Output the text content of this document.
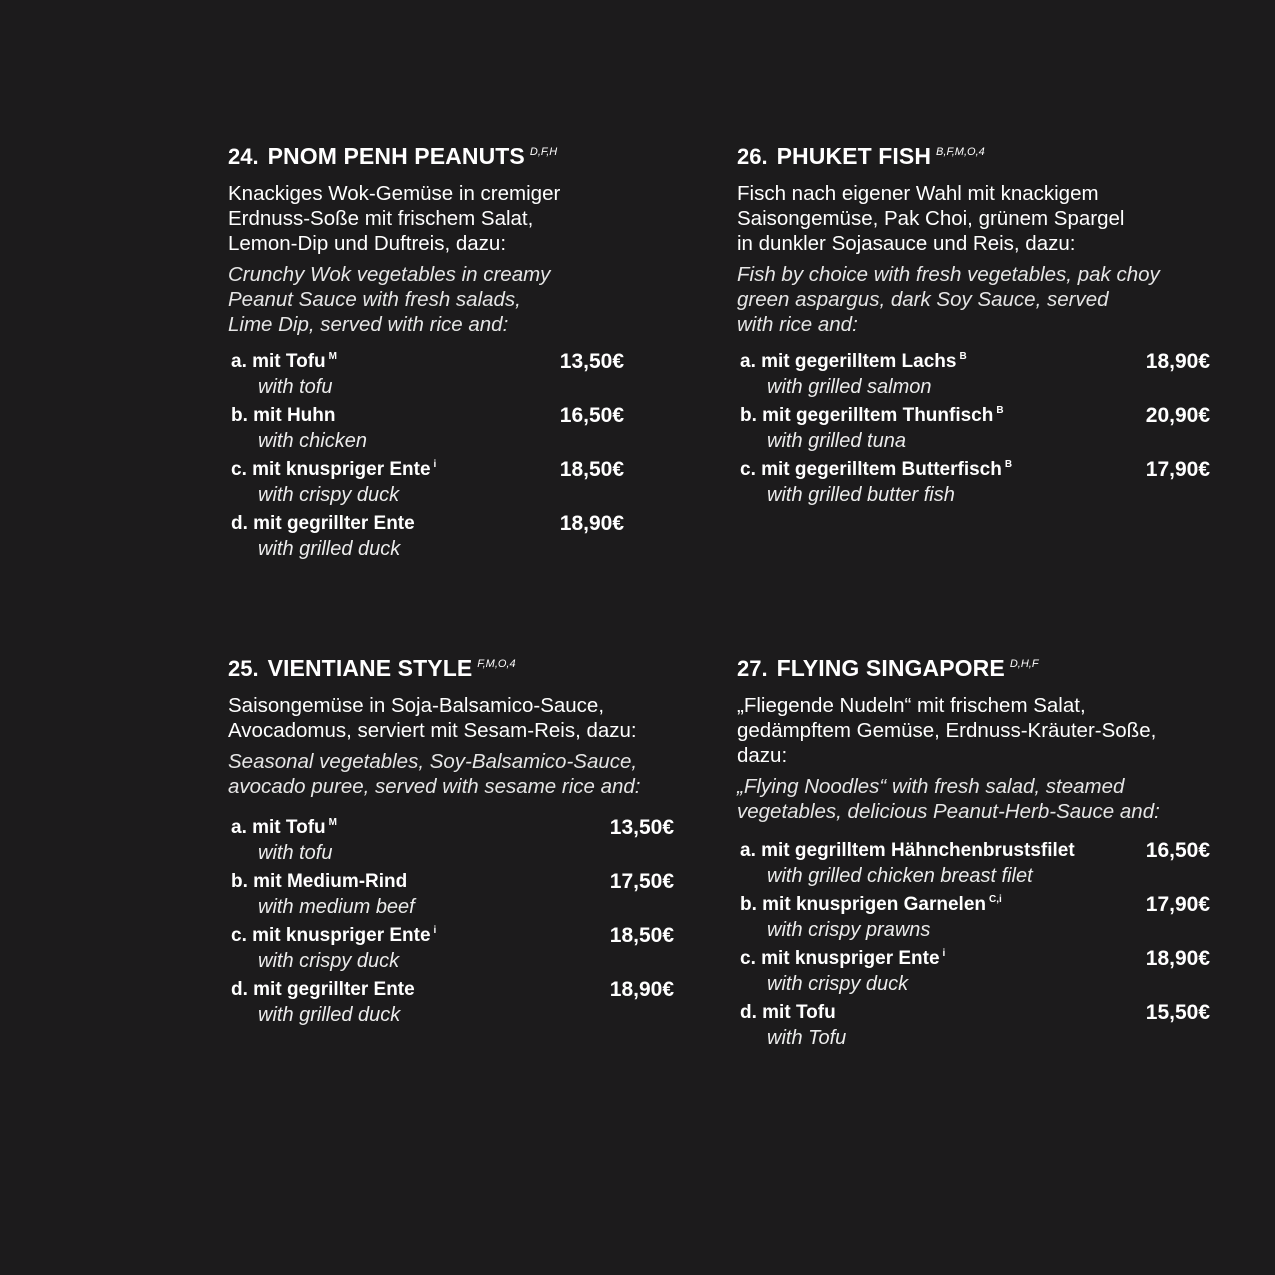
24. PNOM PENH PEANUTS D,F,H
Knackiges Wok-Gemüse in cremiger
Erdnuss-Soße mit frischem Salat,
Lemon-Dip und Duftreis, dazu:
Crunchy Wok vegetables in creamy
Peanut Sauce with fresh salads,
Lime Dip, served with rice and:
a. mit Tofu $^M$
with tofu
13,50€
b. mit Huhn
with chicken
16,50€
c. mit knuspriger Ente $^i$
with crispy duck
18,50€
d. mit gegrillter Ente
with grilled duck
18,90€
25. VIENTIANE STYLE F,M,O,4
Saisongemüse in Soja-Balsamico-Sauce,
Avocadomus, serviert mit Sesam-Reis, dazu:
Seasonal vegetables, Soy-Balsamico-Sauce,
avocado puree, served with sesame rice and:
a. mit Tofu $^M$
with tofu
13,50€
b. mit Medium-Rind
with medium beef
17,50€
c. mit knuspriger Ente $^i$
with crispy duck
18,50€
d. mit gegrillter Ente
with grilled duck
18,90€
26. PHUKET FISH B,F,M,O,4
Fisch nach eigener Wahl mit knackigem
Saisongemüse, Pak Choi, grünem Spargel
in dunkler Sojasauce und Reis, dazu:
Fish by choice with fresh vegetables, pak choy
green aspargus, dark Soy Sauce, served
with rice and:
a. mit gegerilltem Lachs $^B$
with grilled salmon
18,90€
b. mit gegerilltem Thunfisch $^B$
with grilled tuna
20,90€
c. mit gegerilltem Butterfisch $^B$
with grilled butter fish
17,90€
27. FLYING SINGAPORE D,H,F
„Fliegende Nudeln“ mit frischem Salat,
gedämpftem Gemüse, Erdnuss-Kräuter-Soße,
dazu:
„Flying Noodles“ with fresh salad, steamed
vegetables, delicious Peanut-Herb-Sauce and:
a. mit gegrilltem Hähnchenbrustsfilet
with grilled chicken breast filet
16,50€
b. mit knusprigen Garnelen $^{C,i}$
with crispy prawns
17,90€
c. mit knuspriger Ente $^i$
with crispy duck
18,90€
d. mit Tofu
with Tofu
15,50€
